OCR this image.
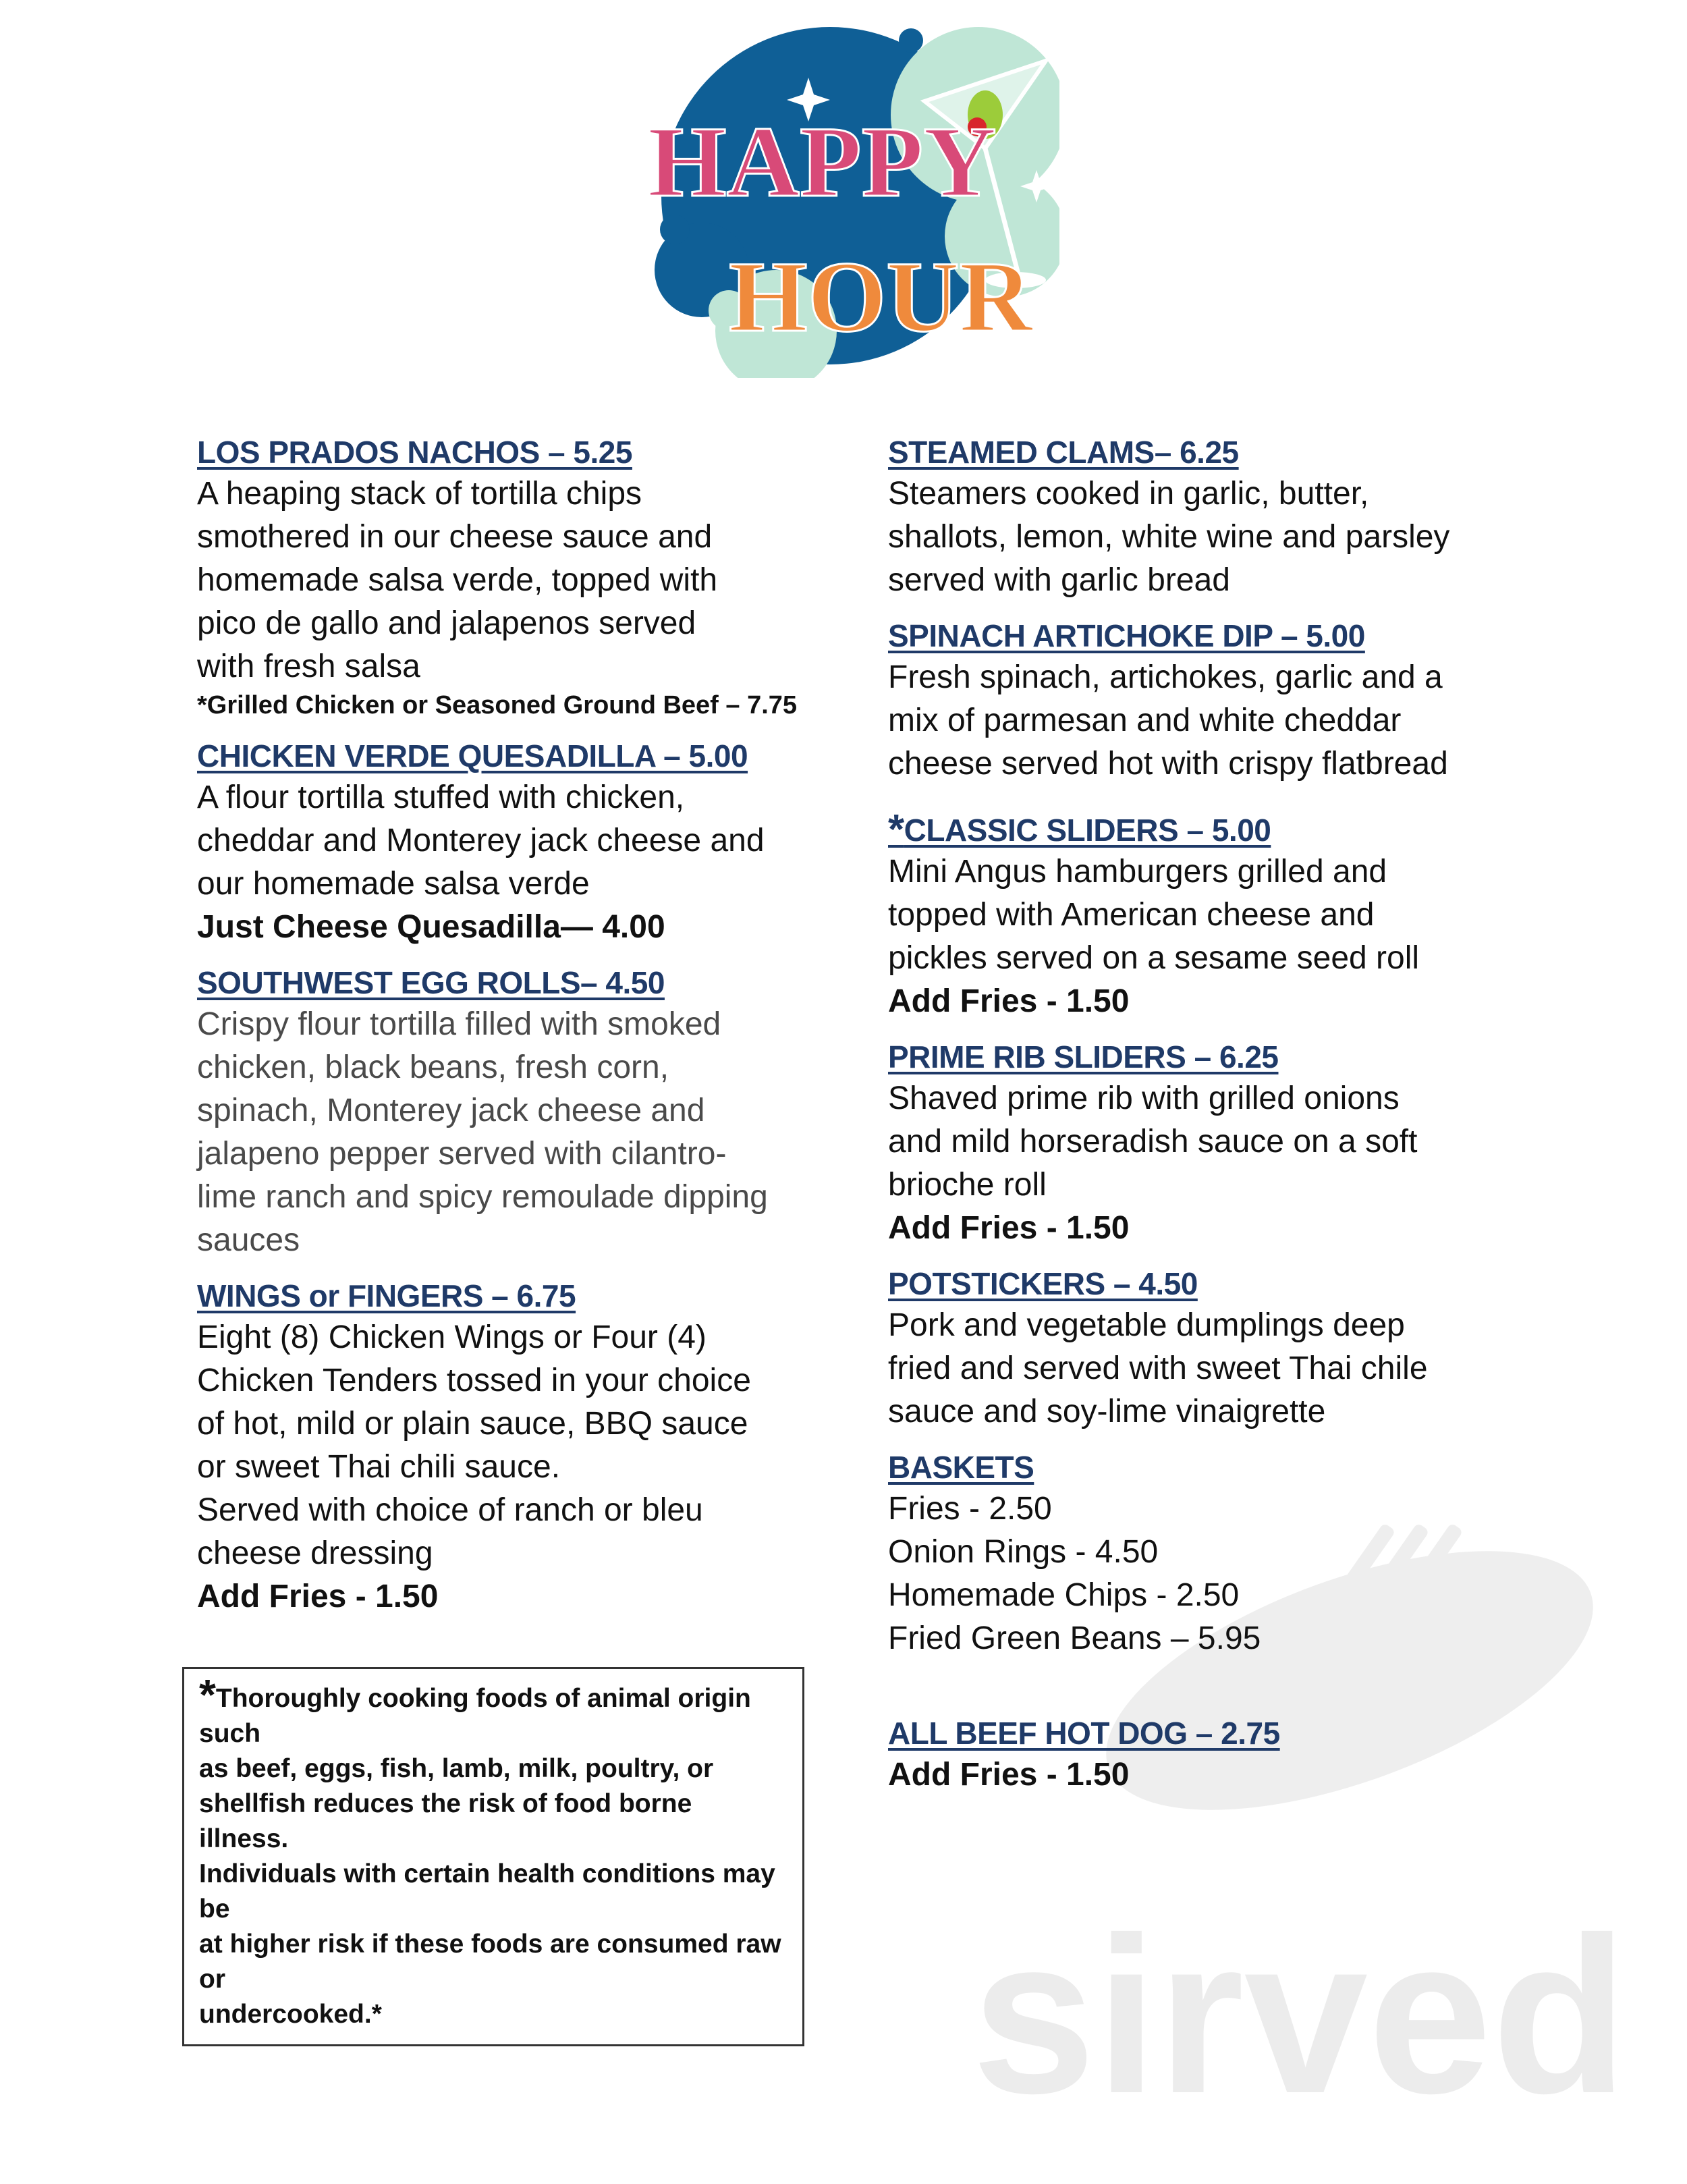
HAPPY
HOUR
sirved
LOS PRADOS NACHOS – 5.25
A heaping stack of tortilla chips
smothered in our cheese sauce and
homemade salsa verde, topped with
pico de gallo and jalapenos served
with fresh salsa
*Grilled Chicken or Seasoned Ground Beef – 7.75
CHICKEN VERDE QUESADILLA – 5.00
A flour tortilla stuffed with chicken,
cheddar and Monterey jack cheese and
our homemade salsa verde
Just Cheese Quesadilla— 4.00
SOUTHWEST EGG ROLLS– 4.50
Crispy flour tortilla filled with smoked
chicken, black beans, fresh corn,
spinach, Monterey jack cheese and
jalapeno pepper served with cilantro-
lime ranch and spicy remoulade dipping
sauces
WINGS or FINGERS – 6.75
Eight (8) Chicken Wings or Four (4)
Chicken Tenders tossed in your choice
of hot, mild or plain sauce, BBQ sauce
or sweet Thai chili sauce.
Served with choice of ranch or bleu
cheese dressing
Add Fries - 1.50

*Thoroughly cooking foods of animal origin such

as beef, eggs, fish, lamb, milk, poultry, or

shellfish reduces the risk of food borne illness.

Individuals with certain health conditions may be

at higher risk if these foods are consumed raw or

undercooked.*

STEAMED CLAMS– 6.25
Steamers cooked in garlic, butter,
shallots, lemon, white wine and parsley
served with garlic bread
SPINACH ARTICHOKE DIP – 5.00
Fresh spinach, artichokes, garlic and a
mix of parmesan and white cheddar
cheese served hot with crispy flatbread
*CLASSIC SLIDERS – 5.00
Mini Angus hamburgers grilled and
topped with American cheese and
pickles served on a sesame seed roll
Add Fries - 1.50
PRIME RIB SLIDERS – 6.25
Shaved prime rib with grilled onions
and mild horseradish sauce on a soft
brioche roll
Add Fries - 1.50
POTSTICKERS – 4.50
Pork and vegetable dumplings deep
fried and served with sweet Thai chile
sauce and soy-lime vinaigrette
BASKETS
Fries - 2.50
Onion Rings - 4.50
Homemade Chips - 2.50
Fried Green Beans – 5.95
ALL BEEF HOT DOG – 2.75
Add Fries - 1.50
